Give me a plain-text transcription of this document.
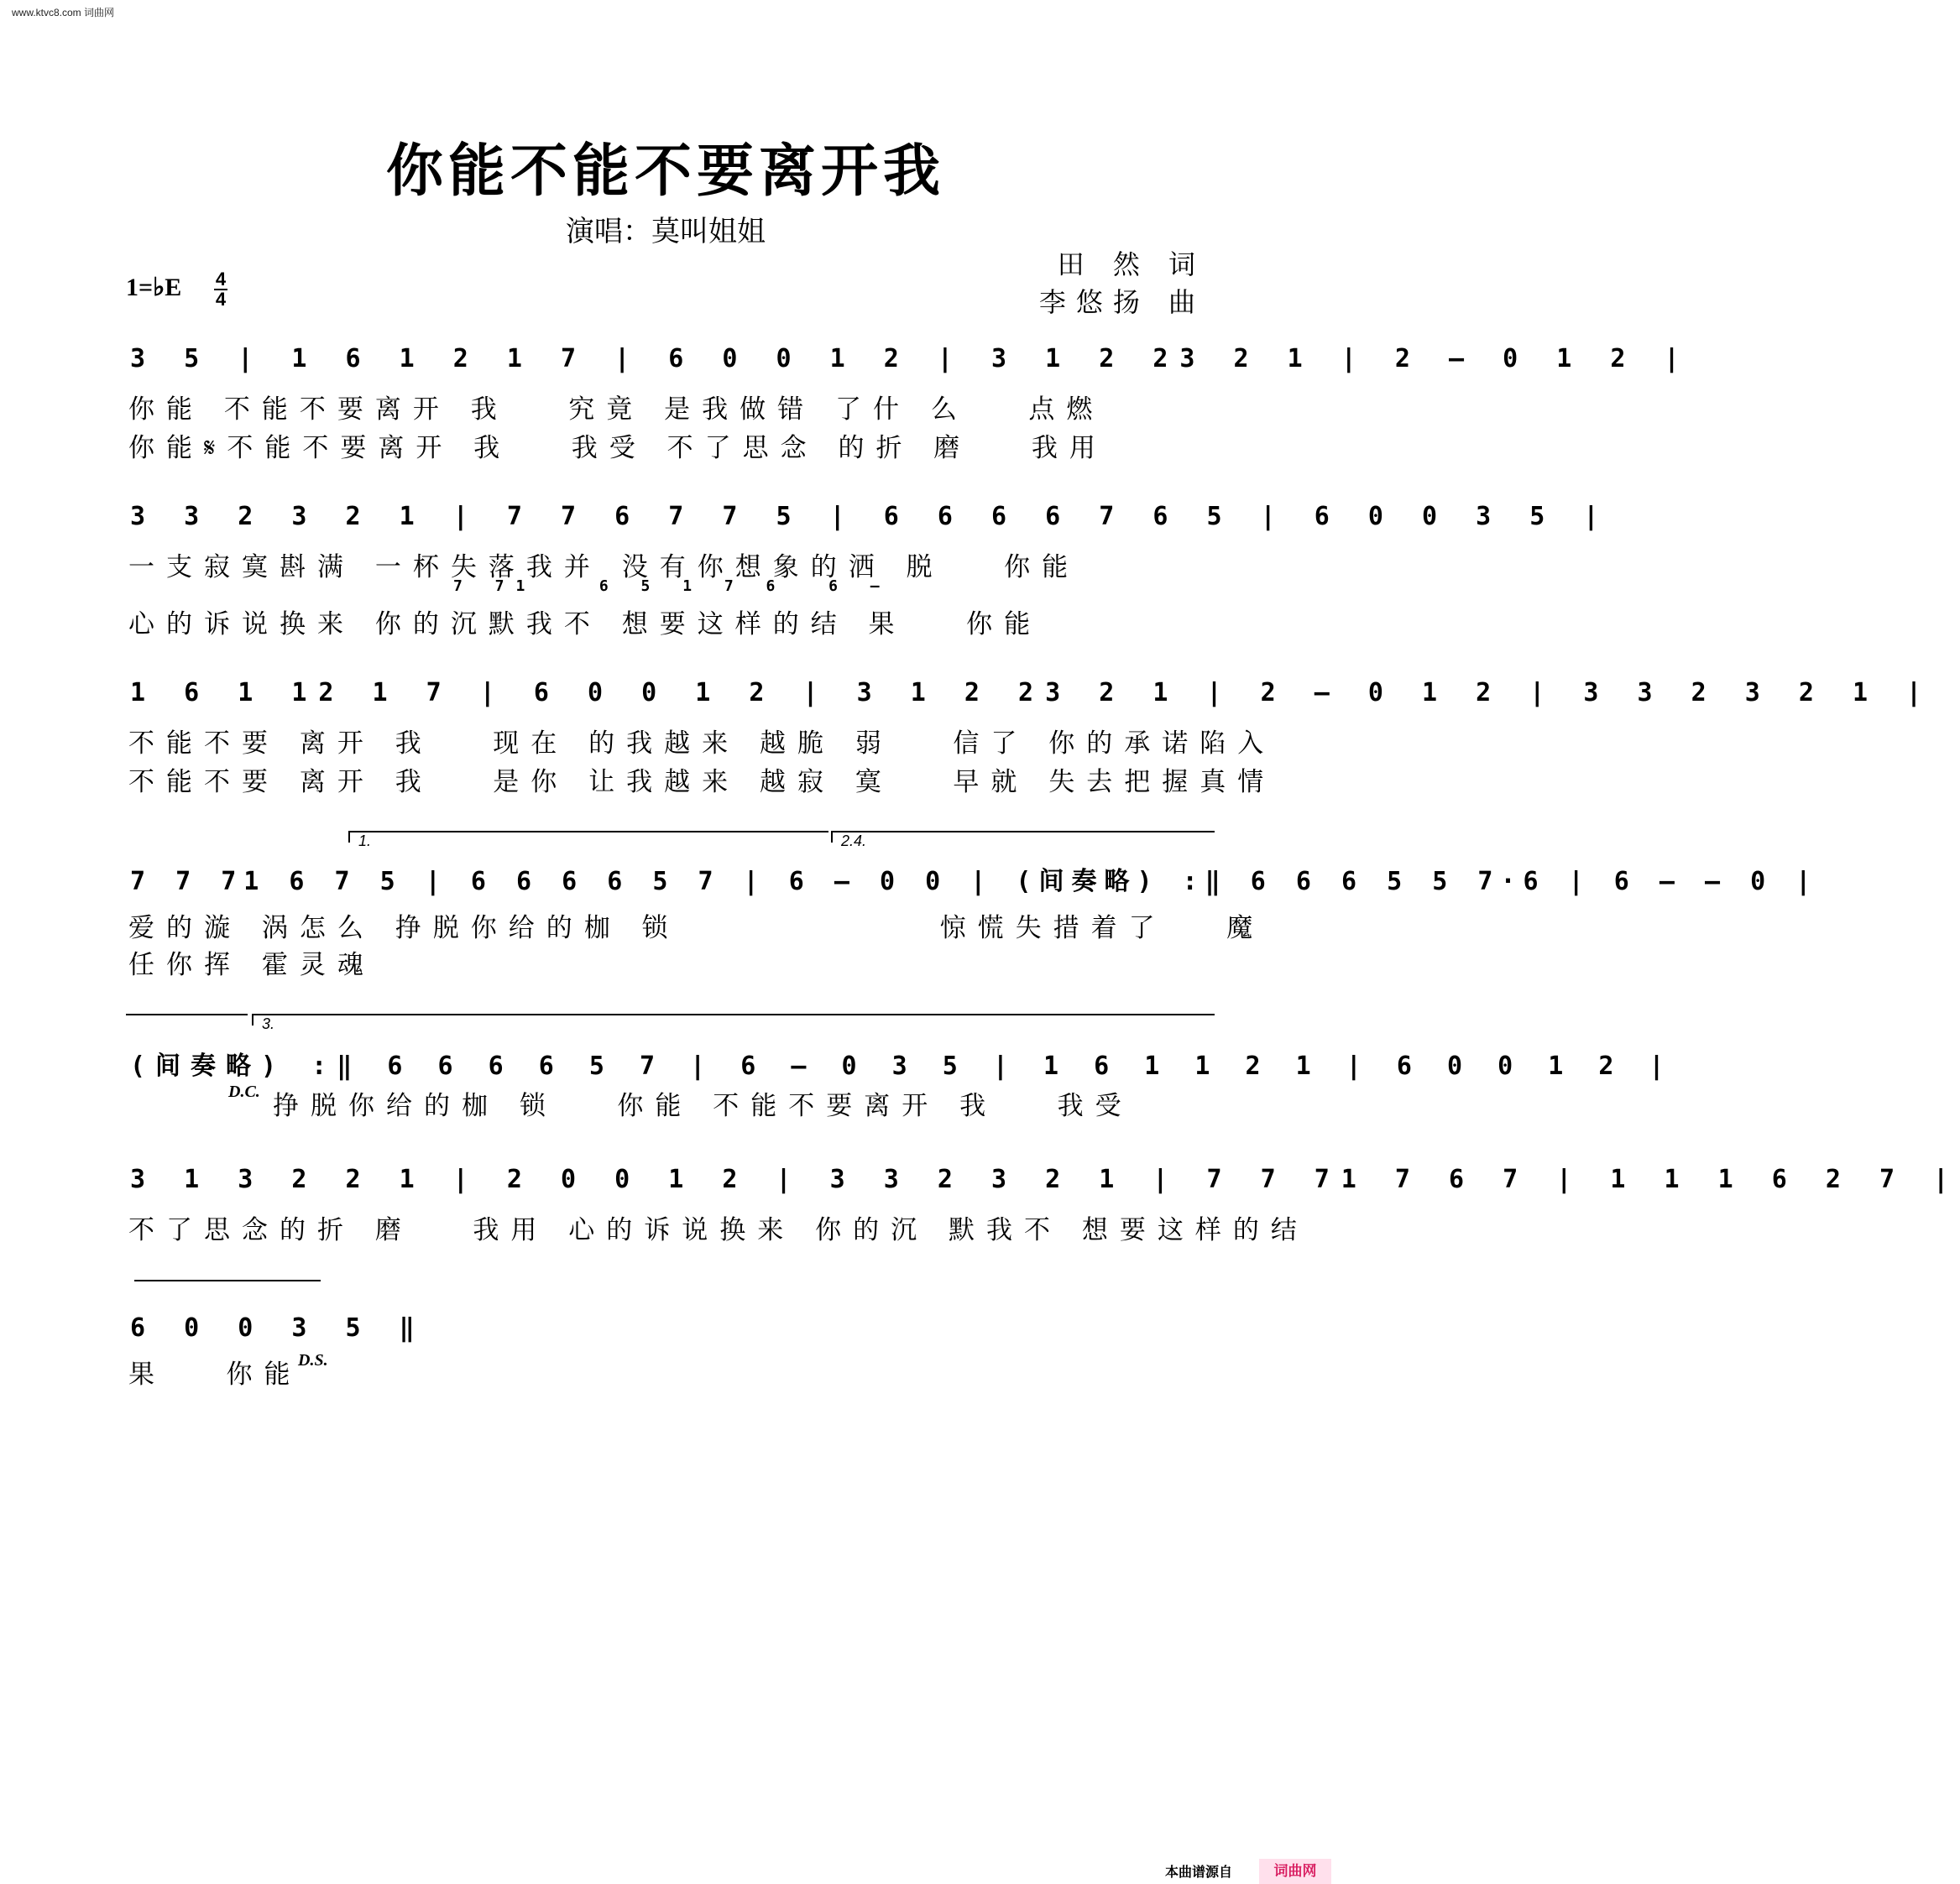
www.ktvc8.com 词曲网
你能不能不要离开我
演唱：莫叫姐姐
田 然 词
李悠扬 曲
1=♭E 4
4
3 5 | 1 6 1 2 1 7 | 6 0 0 1 2 | 3 1 2 23 2 1 | 2 – 0 1 2 |
你能 不能不要离开 我   究竟 是我做错 了什 么   点燃
你能𝄋不能不要离开 我   我受 不了思念 的折 磨   我用
3 3 2 3 2 1 | 7 7 6 7 7 5 | 6 6 6 6 7 6 5 | 6 0 0 3 5 |
一支寂寞斟满 一杯失落我并 没有你想象的洒 脱   你能
7 71   6 5 1 7 6  6 –
心的诉说换来 你的沉默我不 想要这样的结 果   你能
1 6 1 12 1 7 | 6 0 0 1 2 | 3 1 2 23 2 1 | 2 – 0 1 2 | 3 3 2 3 2 1 |
不能不要 离开 我   现在 的我越来 越脆 弱   信了 你的承诺陷入
不能不要 离开 我   是你 让我越来 越寂 寞   早就 失去把握真情
1.	2.4.
7 7 71 6 7 5 | 6 6 6 6 5 7 | 6 – 0 0 | (间奏略) :‖ 6 6 6 5 5 7·6 | 6 – – 0 |
爱的漩 涡怎么 挣脱你给的枷 锁             惊慌失措着了   魔
任你挥 霍灵魂
3.
(间奏略) :‖ 6 6 6 6 5 7 | 6 – 0 3 5 | 1 6 1 1 2 1 | 6 0 0 1 2 |
D.C. 挣脱你给的枷 锁   你能 不能不要离开 我   我受
3 1 3 2 2 1 | 2 0 0 1 2 | 3 3 2 3 2 1 | 7 7 71 7 6 7 | 1 1 1 6 2 7 |
不了思念的折 磨   我用 心的诉说换来 你的沉 默我不 想要这样的结
6 0 0 3 5 ‖
果   你能
D.S.
本曲谱源自	词曲网
